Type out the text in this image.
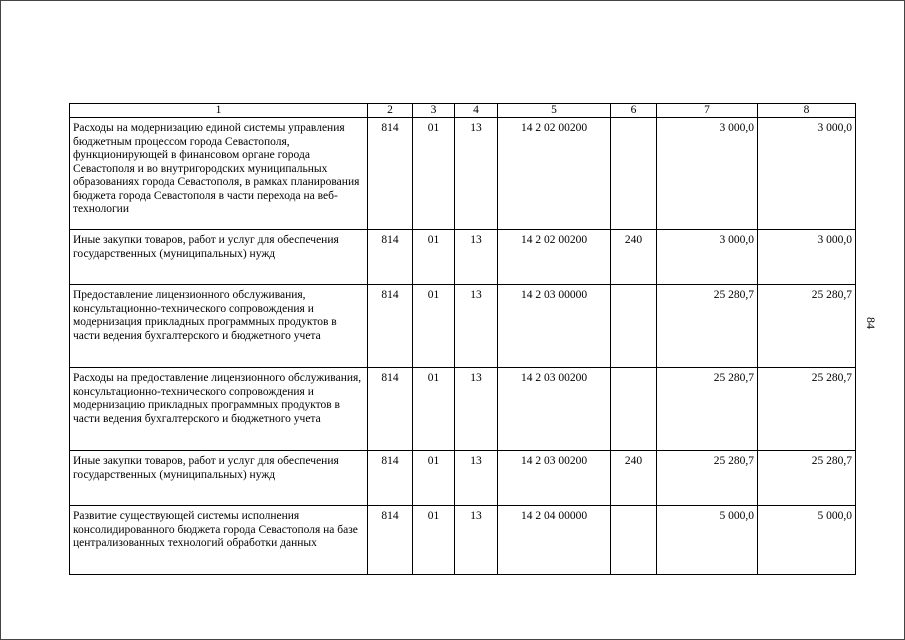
84
1	2	3	4	5	6	7	8
Расходы на модернизацию единой системы управления бюджетным процессом города Севастополя, функционирующей в финансовом органе города Севастополя и во внутригородских муниципальных образованиях города Севастополя, в рамках планирования бюджета города Севастополя в части перехода на веб-технологии	814	01	13	14 2 02 00200		3 000,0	3 000,0
Иные закупки товаров, работ и услуг для обеспечения государственных (муниципальных) нужд	814	01	13	14 2 02 00200	240	3 000,0	3 000,0
Предоставление лицензионного обслуживания, консультационно-технического сопровождения и модернизация прикладных программных продуктов в части ведения бухгалтерского и бюджетного учета	814	01	13	14 2 03 00000		25 280,7	25 280,7
Расходы на предоставление лицензионного обслуживания, консультационно-технического сопровождения и модернизацию прикладных программных продуктов в части ведения бухгалтерского и бюджетного учета	814	01	13	14 2 03 00200		25 280,7	25 280,7
Иные закупки товаров, работ и услуг для обеспечения государственных (муниципальных) нужд	814	01	13	14 2 03 00200	240	25 280,7	25 280,7
Развитие существующей системы исполнения консолидированного бюджета города Севастополя на базе централизованных технологий обработки данных	814	01	13	14 2 04 00000		5 000,0	5 000,0
